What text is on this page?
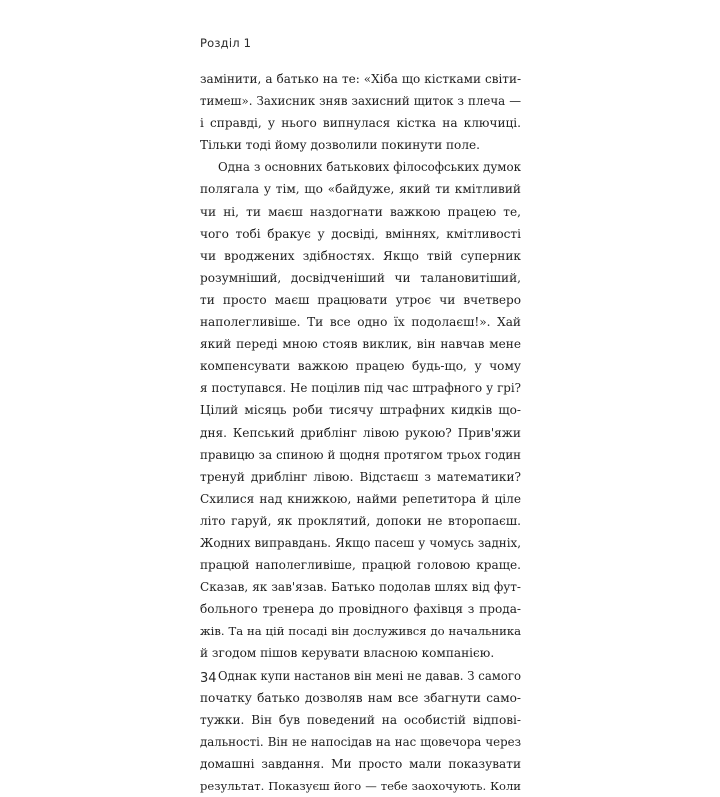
Розділ 1
замінити, а батько на те: «Хіба що кістками світи-
тимеш». Захисник зняв захисний щиток з плеча —
і справді, у нього випнулася кістка на ключиці.
Тільки тоді йому дозволили покинути поле.
Одна з основних батькових філософських думок
полягала у тім, що «байдуже, який ти кмітливий
чи ні, ти маєш наздогнати важкою працею те,
чого тобі бракує у досвіді, вміннях, кмітливості
чи вроджених здібностях. Якщо твій суперник
розумніший, досвідченіший чи талановитіший,
ти просто маєш працювати утроє чи вчетверо
наполегливіше. Ти все одно їх подолаєш!». Хай
який переді мною стояв виклик, він навчав мене
компенсувати важкою працею будь-що, у чому
я поступався. Не поцілив під час штрафного у грі?
Цілий місяць роби тисячу штрафних кидків що-
дня. Кепський дриблінг лівою рукою? Прив'яжи
правицю за спиною й щодня протягом трьох годин
тренуй дриблінг лівою. Відстаєш з математики?
Схилися над книжкою, найми репетитора й ціле
літо гаруй, як проклятий, допоки не второпаєш.
Жодних виправдань. Якщо пасеш у чомусь задніх,
працюй наполегливіше, працюй головою краще.
Сказав, як зав'язав. Батько подолав шлях від фут-
больного тренера до провідного фахівця з прода-
жів. Та на цій посаді він дослужився до начальника
й згодом пішов керувати власною компанією.
Однак купи настанов він мені не давав. З самого
початку батько дозволяв нам все збагнути само-
тужки. Він був поведений на особистій відпові-
дальності. Він не напосідав на нас щовечора через
домашні завдання. Ми просто мали показувати
результат. Показуєш його — тебе заохочують. Коли
34
